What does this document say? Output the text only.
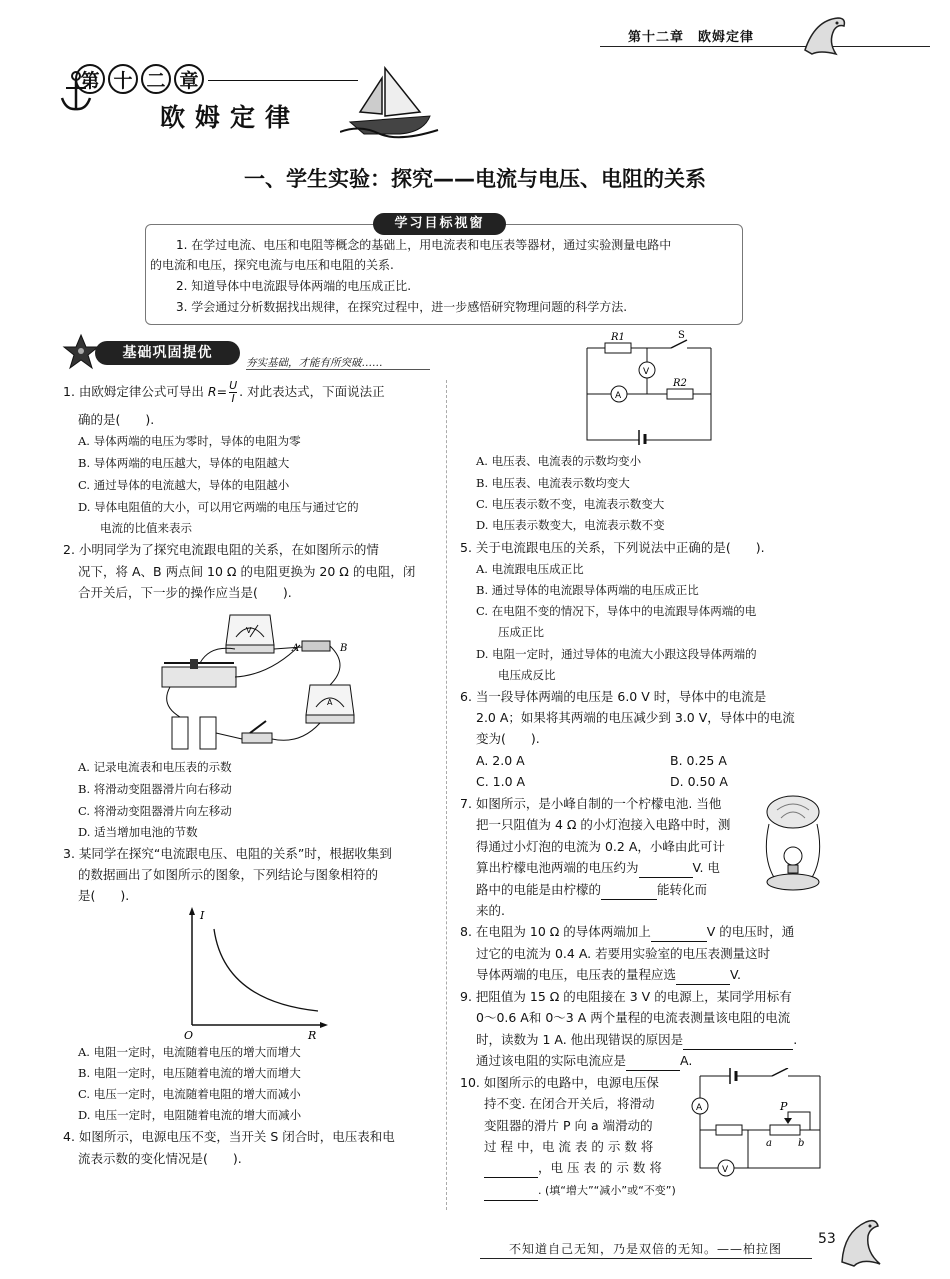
第十二章　欧姆定律
第 十 二 章
欧姆定律
一、学生实验：探究——电流与电压、电阻的关系
学习目标视窗
1. 在学过电流、电压和电阻等概念的基础上，用电流表和电压表等器材，通过实验测量电路中
的电流和电压，探究电流与电压和电阻的关系.
2. 知道导体中电流跟导体两端的电压成正比.
3. 学会通过分析数据找出规律，在探究过程中，进一步感悟研究物理问题的科学方法.
基础巩固提优
夯实基础，才能有所突破……
1. 由欧姆定律公式可导出 $R= \frac{U}{I}$ . 对此表达式，下面说法正
确的是(　　).
A. 导体两端的电压为零时，导体的电阻为零
B. 导体两端的电压越大，导体的电阻越大
C. 通过导体的电流越大，导体的电阻越小
D. 导体电阻值的大小，可以用它两端的电压与通过它的
电流的比值来表示
2. 小明同学为了探究电流跟电阻的关系，在如图所示的情
况下，将 A、B 两点间 10 Ω 的电阻更换为 20 Ω 的电阻，闭
合开关后，下一步的操作应当是(　　).
V
A	B
A
A. 记录电流表和电压表的示数
B. 将滑动变阻器滑片向右移动
C. 将滑动变阻器滑片向左移动
D. 适当增加电池的节数
3. 某同学在探究“电流跟电压、电阻的关系”时，根据收集到
的数据画出了如图所示的图象，下列结论与图象相符的
是(　　).
I
R
O
A. 电阻一定时，电流随着电压的增大而增大
B. 电阻一定时，电压随着电流的增大而增大
C. 电压一定时，电流随着电阻的增大而减小
D. 电压一定时，电阻随着电流的增大而减小
4. 如图所示，电源电压不变，当开关 S 闭合时，电压表和电
流表示数的变化情况是(　　).
R1	S
V
A
R2
A. 电压表、电流表的示数均变小
B. 电压表、电流表示数均变大
C. 电压表示数不变，电流表示数变大
D. 电压表示数变大，电流表示数不变
5. 关于电流跟电压的关系，下列说法中正确的是(　　).
A. 电流跟电压成正比
B. 通过导体的电流跟导体两端的电压成正比
C. 在电阻不变的情况下，导体中的电流跟导体两端的电
压成正比
D. 电阻一定时，通过导体的电流大小跟这段导体两端的
电压成反比
6. 当一段导体两端的电压是 6.0 V 时，导体中的电流是
2.0 A；如果将其两端的电压减少到 3.0 V，导体中的电流
变为(　　).
A. 2.0 A	B. 0.25 A
C. 1.0 A	D. 0.50 A
7. 如图所示，是小峰自制的一个柠檬电池. 当他
把一只阻值为 4 Ω 的小灯泡接入电路中时，测
得通过小灯泡的电流为 0.2 A，小峰由此可计
算出柠檬电池两端的电压约为	V. 电
路中的电能是由柠檬的	能转化而
来的.
8. 在电阻为 10 Ω 的导体两端加上	V 的电压时，通
过它的电流为 0.4 A. 若要用实验室的电压表测量这时
导体两端的电压，电压表的量程应选	V.
9. 把阻值为 15 Ω 的电阻接在 3 V 的电源上，某同学用标有
0～0.6 A和 0～3 A 两个量程的电流表测量该电阻的电流
时，读数为 1 A. 他出现错误的原因是	.
通过该电阻的实际电流应是	A.
10. 如图所示的电路中，电源电压保
持不变. 在闭合开关后，将滑动
变阻器的滑片 P 向 a 端滑动的
过 程 中，电 流 表 的 示 数 将
，电 压 表 的 示 数 将
. (填“增大”“减小”或“不变”)
A
V
P
a	b
不知道自己无知，乃是双倍的无知。——柏拉图
53
